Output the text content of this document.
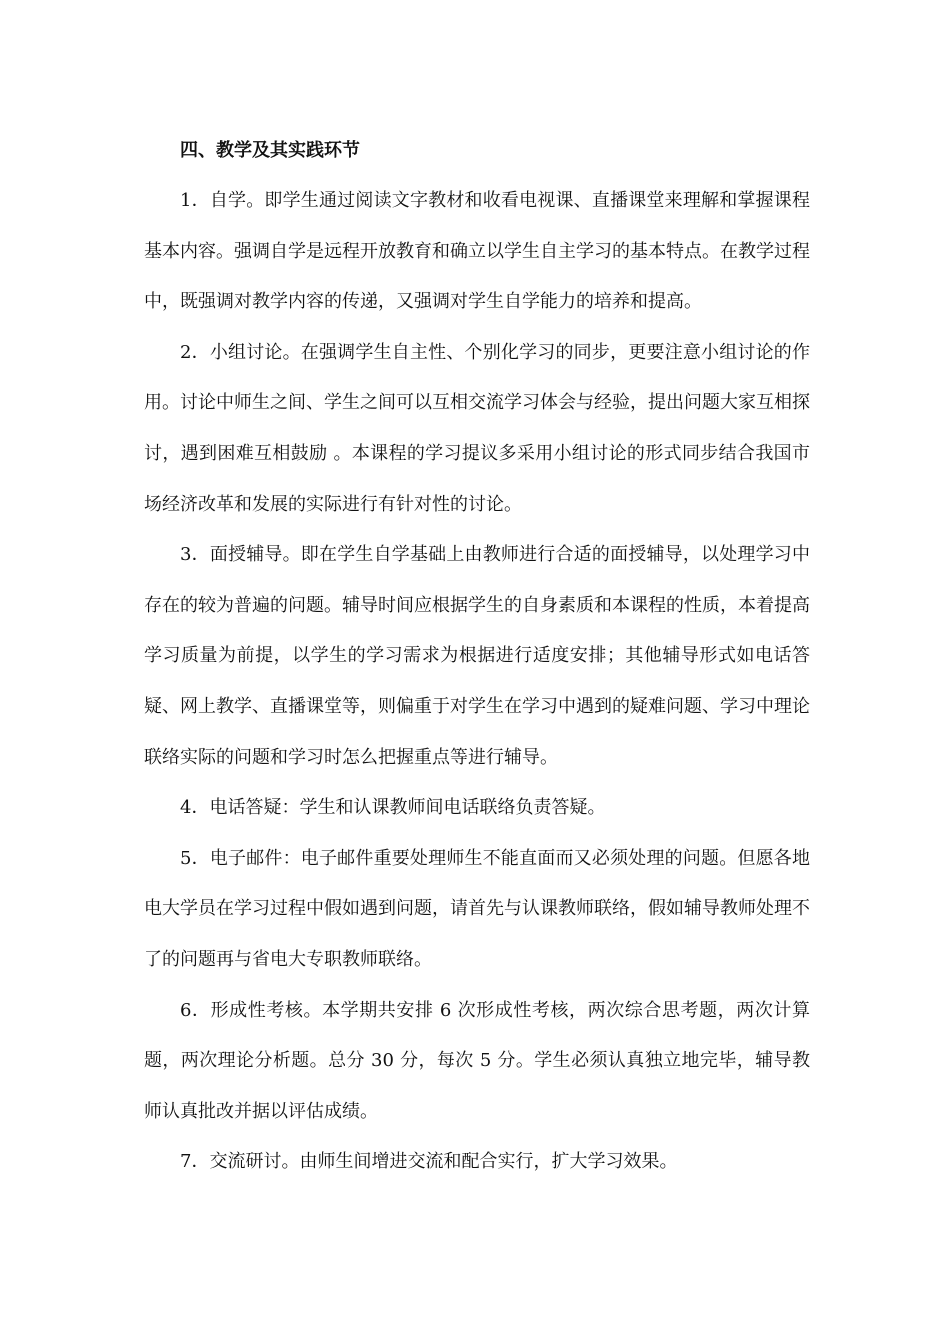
四、教学及其实践环节

1．自学。即学生通过阅读文字教材和收看电视课、直播课堂来理解和掌握课程基本内容。强调自学是远程开放教育和确立以学生自主学习的基本特点。在教学过程中，既强调对教学内容的传递，又强调对学生自学能力的培养和提高。

2．小组讨论。在强调学生自主性、个别化学习的同步，更要注意小组讨论的作用。讨论中师生之间、学生之间可以互相交流学习体会与经验，提出问题大家互相探讨，遇到困难互相鼓励 。本课程的学习提议多采用小组讨论的形式同步结合我国市场经济改革和发展的实际进行有针对性的讨论。

3．面授辅导。即在学生自学基础上由教师进行合适的面授辅导，以处理学习中存在的较为普遍的问题。辅导时间应根据学生的自身素质和本课程的性质，本着提高学习质量为前提，以学生的学习需求为根据进行适度安排；其他辅导形式如电话答疑、网上教学、直播课堂等，则偏重于对学生在学习中遇到的疑难问题、学习中理论联络实际的问题和学习时怎么把握重点等进行辅导。

4．电话答疑：学生和认课教师间电话联络负责答疑。

5．电子邮件：电子邮件重要处理师生不能直面而又必须处理的问题。但愿各地电大学员在学习过程中假如遇到问题，请首先与认课教师联络，假如辅导教师处理不了的问题再与省电大专职教师联络。

6．形成性考核。本学期共安排 6 次形成性考核，两次综合思考题，两次计算题，两次理论分析题。总分 30 分，每次 5 分。学生必须认真独立地完毕，辅导教师认真批改并据以评估成绩。

7．交流研讨。由师生间增进交流和配合实行，扩大学习效果。
